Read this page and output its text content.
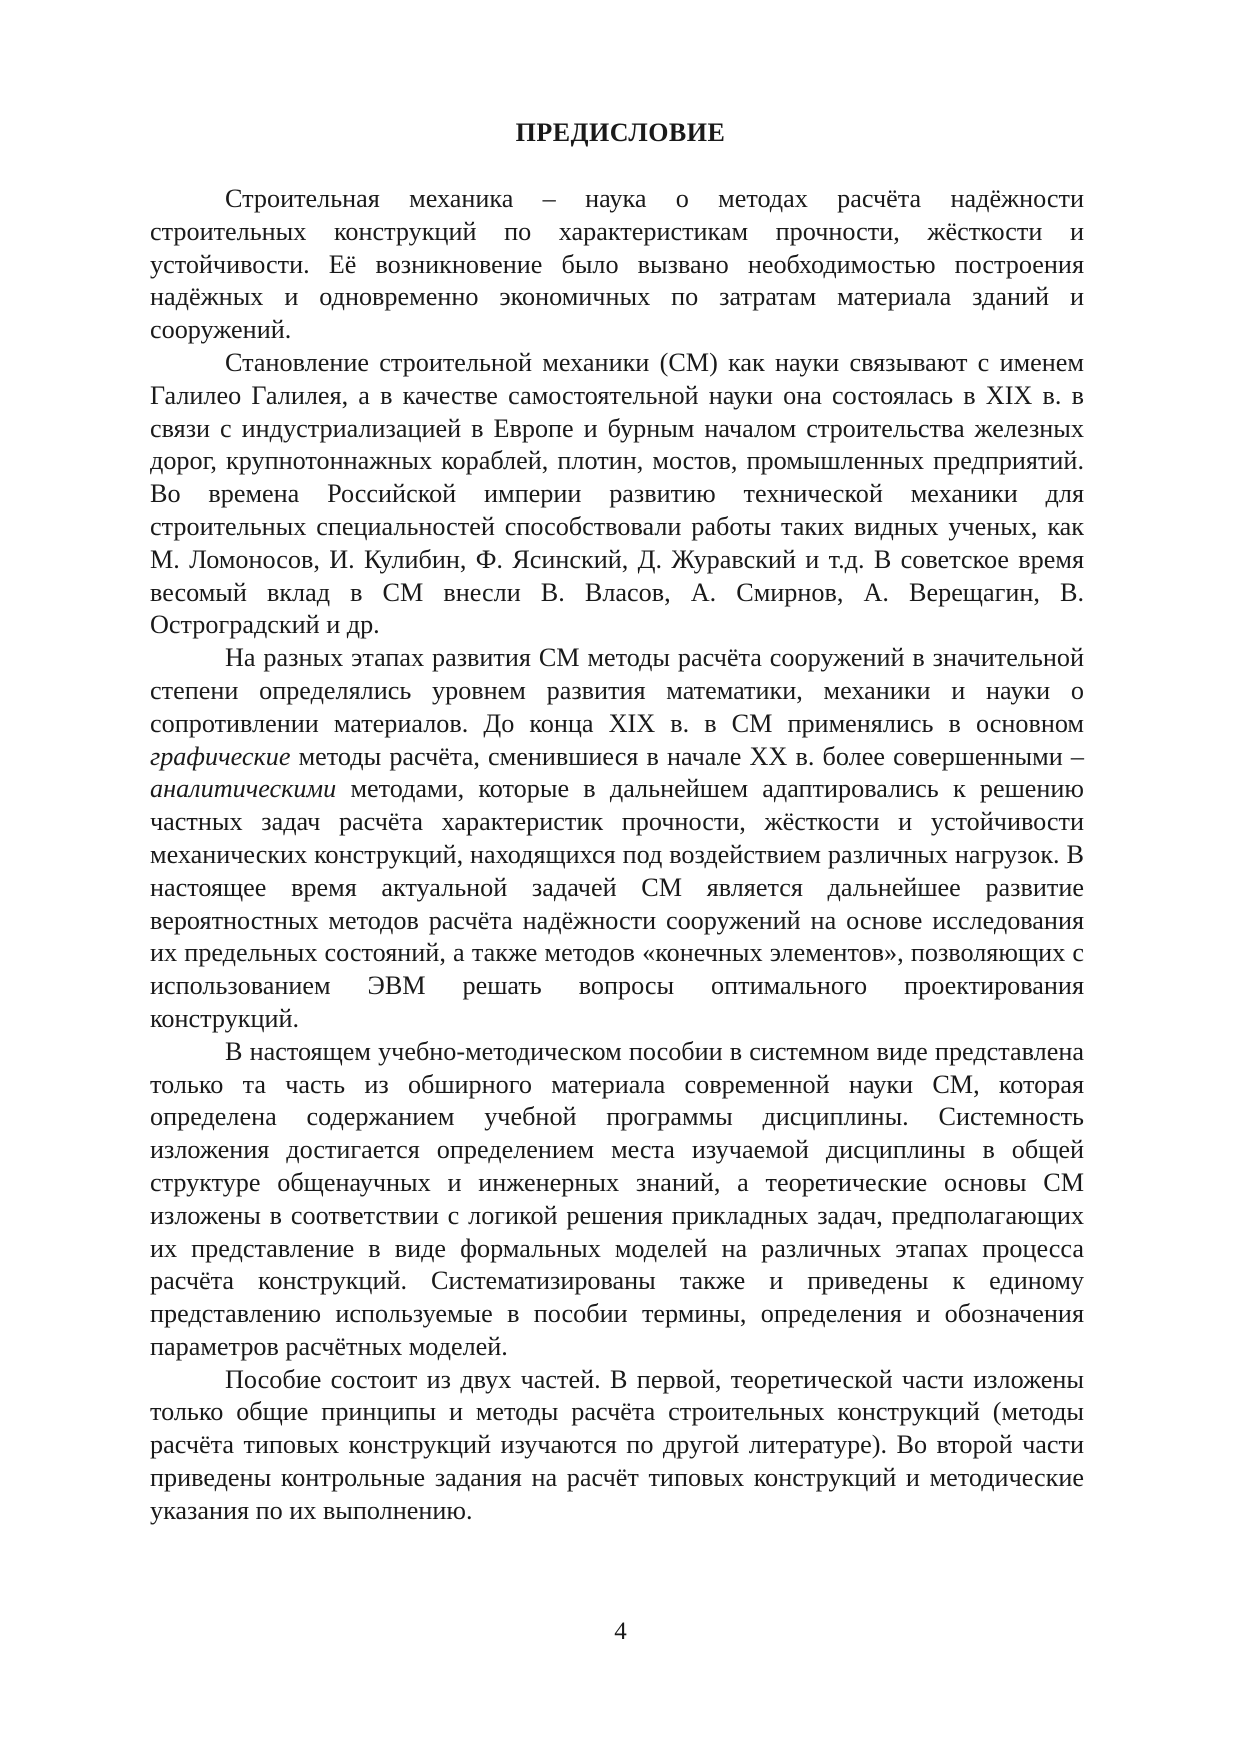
ПРЕДИСЛОВИЕ

Строительная механика – наука о методах расчёта надёжности строительных конструкций по характеристикам прочности, жёсткости и устойчивости. Её возникновение было вызвано необходимостью построения надёжных и одновременно экономичных по затратам материала зданий и сооружений.

Становление строительной механики (СМ) как науки связывают с именем Галилео Галилея, а в качестве самостоятельной науки она состоялась в XIX в. в связи с индустриализацией в Европе и бурным началом строительства железных дорог, крупнотоннажных кораблей, плотин, мостов, промышленных предприятий. Во времена Российской империи развитию технической механики для строительных специальностей способствовали работы таких видных ученых, как М. Ломоносов, И. Кулибин, Ф. Ясинский, Д. Журавский и т.д. В советское время весомый вклад в СМ внесли В. Власов, А. Смирнов, А. Верещагин, В. Остроградский и др.

На разных этапах развития СМ методы расчёта сооружений в значительной степени определялись уровнем развития математики, механики и науки о сопротивлении материалов. До конца XIX в. в СМ применялись в основном графические методы расчёта, сменившиеся в начале XX в. более совершенными – аналитическими методами, которые в дальнейшем адаптировались к решению частных задач расчёта характеристик прочности, жёсткости и устойчивости механических конструкций, находящихся под воздействием различных нагрузок. В настоящее время актуальной задачей СМ является дальнейшее развитие вероятностных методов расчёта надёжности сооружений на основе исследования их предельных состояний, а также методов «конечных элементов», позволяющих с использованием ЭВМ решать вопросы оптимального проектирования конструкций.

В настоящем учебно-методическом пособии в системном виде представлена только та часть из обширного материала современной науки СМ, которая определена содержанием учебной программы дисциплины. Системность изложения достигается определением места изучаемой дисциплины в общей структуре общенаучных и инженерных знаний, а теоретические основы СМ изложены в соответствии с логикой решения прикладных задач, предполагающих их представление в виде формальных моделей на различных этапах процесса расчёта конструкций. Систематизированы также и приведены к единому представлению используемые в пособии термины, определения и обозначения параметров расчётных моделей.

Пособие состоит из двух частей. В первой, теоретической части изложены только общие принципы и методы расчёта строительных конструкций (методы расчёта типовых конструкций изучаются по другой литературе). Во второй части приведены контрольные задания на расчёт типовых конструкций и методические указания по их выполнению.

4
